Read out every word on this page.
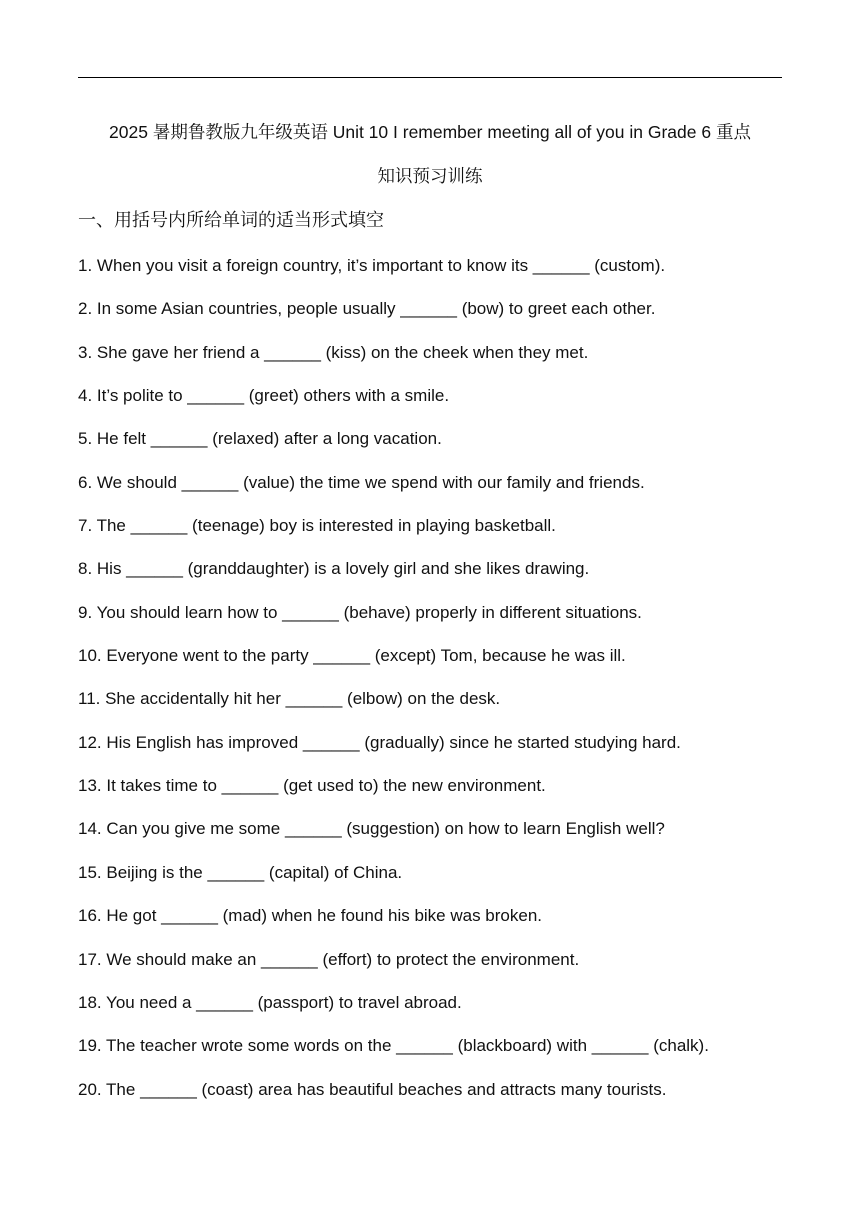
2025 暑期鲁教版九年级英语 Unit 10 I remember meeting all of you in Grade 6 重点
知识预习训练
一、用括号内所给单词的适当形式填空
1. When you visit a foreign country, it’s important to know its ______ (custom).
2. In some Asian countries, people usually ______ (bow) to greet each other.
3. She gave her friend a ______ (kiss) on the cheek when they met.
4. It’s polite to ______ (greet) others with a smile.
5. He felt ______ (relaxed) after a long vacation.
6. We should ______ (value) the time we spend with our family and friends.
7. The ______ (teenage) boy is interested in playing basketball.
8. His ______ (granddaughter) is a lovely girl and she likes drawing.
9. You should learn how to ______ (behave) properly in different situations.
10. Everyone went to the party ______ (except) Tom, because he was ill.
11. She accidentally hit her ______ (elbow) on the desk.
12. His English has improved ______ (gradually) since he started studying hard.
13. It takes time to ______ (get used to) the new environment.
14. Can you give me some ______ (suggestion) on how to learn English well?
15. Beijing is the ______ (capital) of China.
16. He got ______ (mad) when he found his bike was broken.
17. We should make an ______ (effort) to protect the environment.
18. You need a ______ (passport) to travel abroad.
19. The teacher wrote some words on the ______ (blackboard) with ______ (chalk).
20. The ______ (coast) area has beautiful beaches and attracts many tourists.
